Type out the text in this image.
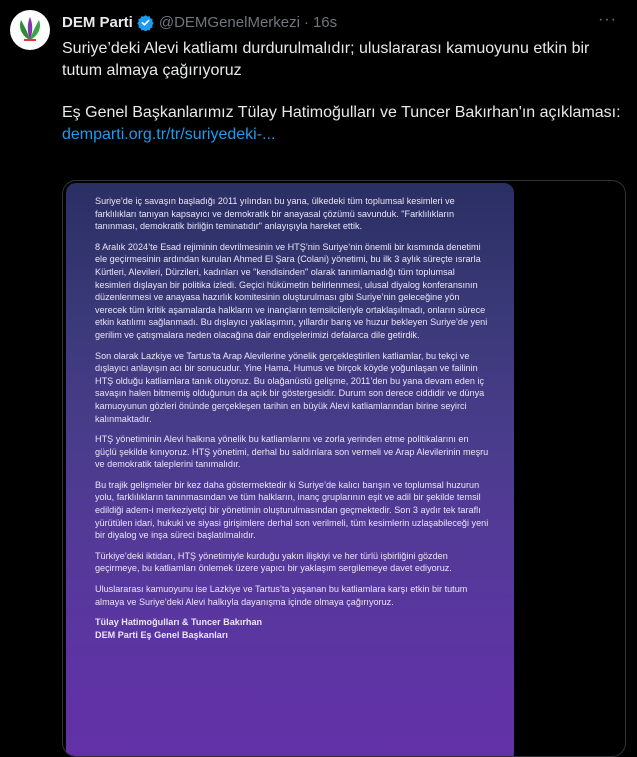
DEM Parti @DEMGenelMerkezi · 16s	···

Suriye’deki Alevi katliamı durdurulmalıdır; uluslararası kamuoyunu etkin bir tutum almaya çağırıyoruz

Eş Genel Başkanlarımız Tülay Hatimoğulları ve Tuncer Bakırhan'ın açıklaması:

demparti.org.tr/tr/suriyedeki-...

Suriye’de iç savaşın başladığı 2011 yılından bu yana, ülkedeki tüm toplumsal kesimleri ve farklılıkları tanıyan kapsayıcı ve demokratik bir anayasal çözümü savunduk. "Farklılıkların tanınması, demokratik birliğin teminatıdır" anlayışıyla hareket ettik.

8 Aralık 2024’te Esad rejiminin devrilmesinin ve HTŞ’nin Suriye’nin önemli bir kısmında denetimi ele geçirmesinin ardından kurulan Ahmed El Şara (Colani) yönetimi, bu ilk 3 aylık süreçte ısrarla Kürtleri, Alevileri, Dürzileri, kadınları ve "kendisinden" olarak tanımlamadığı tüm toplumsal kesimleri dışlayan bir politika izledi. Geçici hükümetin belirlenmesi, ulusal diyalog konferansının düzenlenmesi ve anayasa hazırlık komitesinin oluşturulması gibi Suriye’nin geleceğine yön verecek tüm kritik aşamalarda halkların ve inançların temsilcileriyle ortaklaşılmadı, onların sürece etkin katılımı sağlanmadı. Bu dışlayıcı yaklaşımın, yıllardır barış ve huzur bekleyen Suriye’de yeni gerilim ve çatışmalara neden olacağına dair endişelerimizi defalarca dile getirdik.

Son olarak Lazkiye ve Tartus’ta Arap Alevilerine yönelik gerçekleştirilen katliamlar, bu tekçi ve dışlayıcı anlayışın acı bir sonucudur. Yine Hama, Humus ve birçok köyde yoğunlaşan ve failinin HTŞ olduğu katliamlara tanık oluyoruz. Bu olağanüstü gelişme, 2011’den bu yana devam eden iç savaşın halen bitmemiş olduğunun da açık bir göstergesidir. Durum son derece ciddidir ve dünya kamuoyunun gözleri önünde gerçekleşen tarihin en büyük Alevi katliamlarından birine seyirci kalınmaktadır.

HTŞ yönetiminin Alevi halkına yönelik bu katliamlarını ve zorla yerinden etme politikalarını en güçlü şekilde kınıyoruz. HTŞ yönetimi, derhal bu saldırılara son vermeli ve Arap Alevilerinin meşru ve demokratik taleplerini tanımalıdır.

Bu trajik gelişmeler bir kez daha göstermektedir ki Suriye’de kalıcı barışın ve toplumsal huzurun yolu, farklılıkların tanınmasından ve tüm halkların, inanç gruplarının eşit ve adil bir şekilde temsil edildiği adem-i merkeziyetçi bir yönetimin oluşturulmasından geçmektedir. Son 3 aydır tek taraflı yürütülen idari, hukuki ve siyasi girişimlere derhal son verilmeli, tüm kesimlerin uzlaşabileceği yeni bir diyalog ve inşa süreci başlatılmalıdır.

Türkiye’deki iktidarı, HTŞ yönetimiyle kurduğu yakın ilişkiyi ve her türlü işbirliğini gözden geçirmeye, bu katliamları önlemek üzere yapıcı bir yaklaşım sergilemeye davet ediyoruz.

Uluslararası kamuoyunu ise Lazkiye ve Tartus’ta yaşanan bu katliamlara karşı etkin bir tutum almaya ve Suriye’deki Alevi halkıyla dayanışma içinde olmaya çağırıyoruz.

Tülay Hatimoğulları & Tuncer Bakırhan

DEM Parti Eş Genel Başkanları
